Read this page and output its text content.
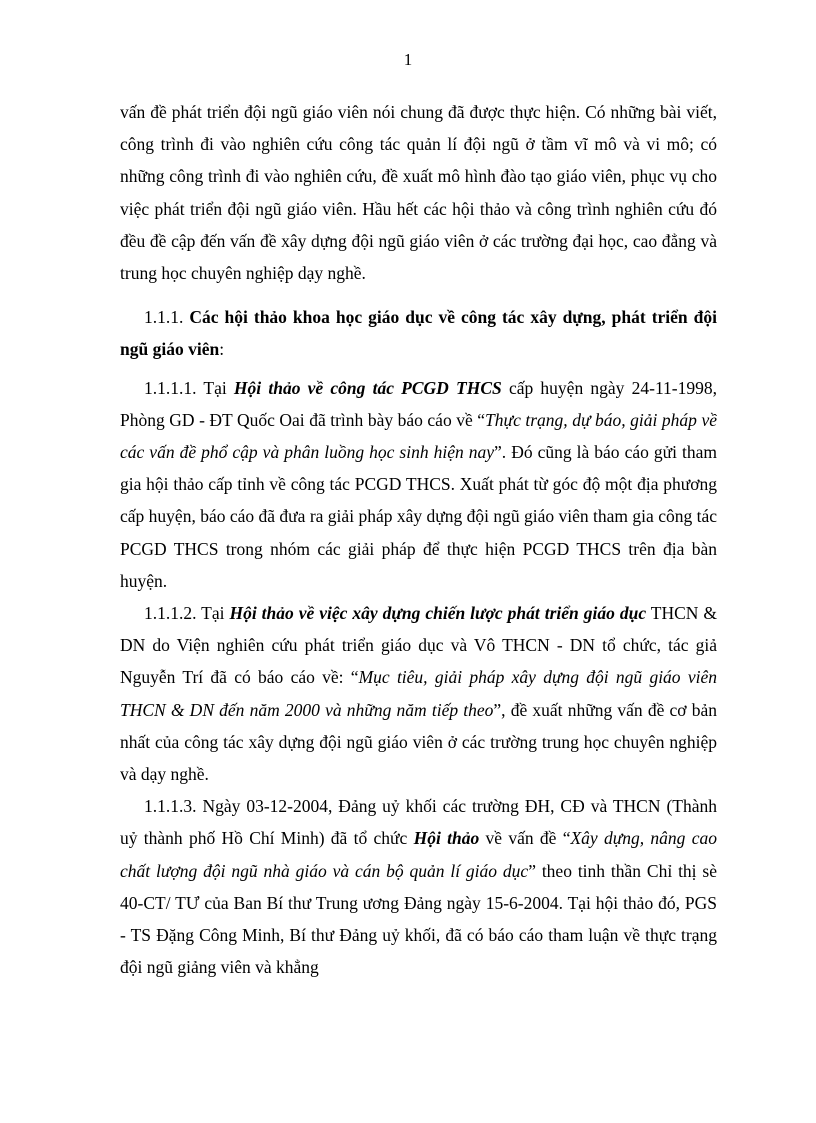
1

vấn đề phát triển đội ngũ giáo viên nói chung đã được thực hiện. Có những bài viết, công trình đi vào nghiên cứu công tác quản lí đội ngũ ở tầm vĩ mô và vi mô; có những công trình đi vào nghiên cứu, đề xuất mô hình đào tạo giáo viên, phục vụ cho việc phát triển đội ngũ giáo viên. Hầu hết các hội thảo và công trình nghiên cứu đó đều đề cập đến vấn đề xây dựng đội ngũ giáo viên ở các trường đại học, cao đẳng và trung học chuyên nghiệp dạy nghề.

1.1.1. Các hội thảo khoa học giáo dục về công tác xây dựng, phát triển đội ngũ giáo viên:

1.1.1.1. Tại Hội thảo về công tác PCGD THCS cấp huyện ngày 24-11-1998, Phòng GD - ĐT Quốc Oai đã trình bày báo cáo về “Thực trạng, dự báo, giải pháp về các vấn đề phổ cập và phân luồng học sinh hiện nay”. Đó cũng là báo cáo gửi tham gia hội thảo cấp tỉnh về công tác PCGD THCS. Xuất phát từ góc độ một địa phương cấp huyện, báo cáo đã đưa ra giải pháp xây dựng đội ngũ giáo viên tham gia công tác PCGD THCS trong nhóm các giải pháp để thực hiện PCGD THCS trên địa bàn huyện.

1.1.1.2. Tại Hội thảo về việc xây dựng chiến lược phát triển giáo dục THCN & DN do Viện nghiên cứu phát triển giáo dục và Vô THCN - DN tổ chức, tác giả Nguyễn Trí đã có báo cáo về: “Mục tiêu, giải pháp xây dựng đội ngũ giáo viên THCN & DN đến năm 2000 và những năm tiếp theo”, đề xuất những vấn đề cơ bản nhất của công tác xây dựng đội ngũ giáo viên ở các trường trung học chuyên nghiệp và dạy nghề.

1.1.1.3. Ngày 03-12-2004, Đảng uỷ khối các trường ĐH, CĐ và THCN (Thành uỷ thành phố Hồ Chí Minh) đã tổ chức Hội thảo về vấn đề “Xây dựng, nâng cao chất lượng đội ngũ nhà giáo và cán bộ quản lí giáo dục” theo tinh thần Chỉ thị sè 40-CT/ TƯ của Ban Bí thư Trung ương Đảng ngày 15-6-2004. Tại hội thảo đó, PGS - TS Đặng Công Minh, Bí thư Đảng uỷ khối, đã có báo cáo tham luận về thực trạng đội ngũ giảng viên và khẳng
